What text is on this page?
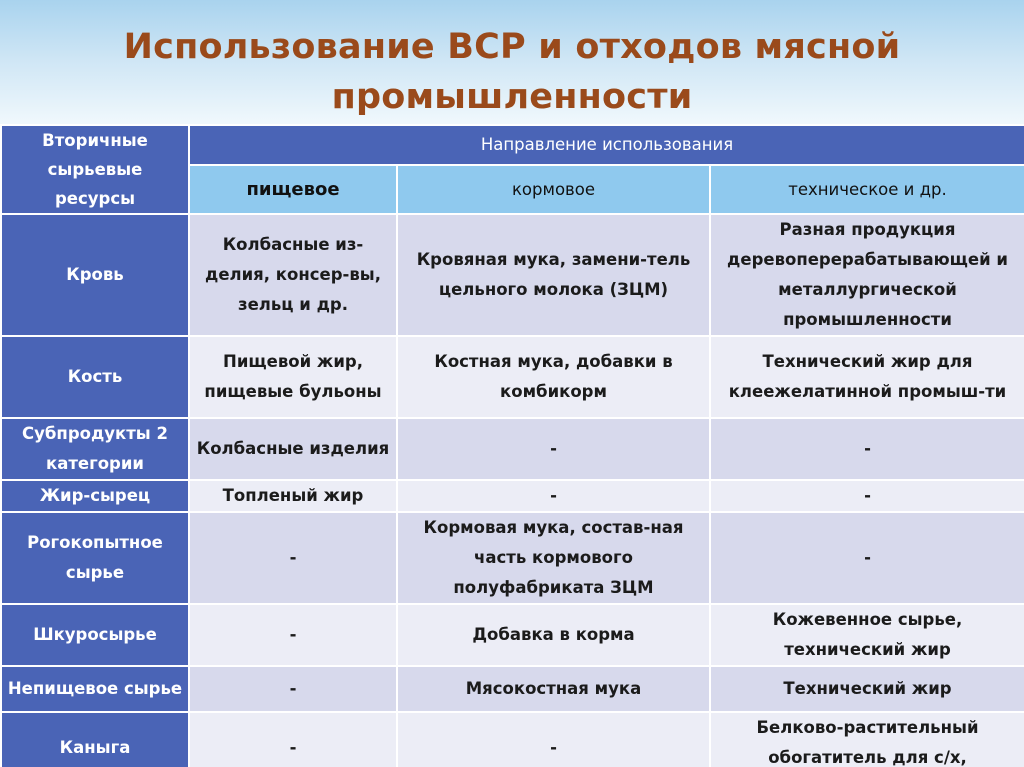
Использование ВСР и отходов мясной
промышленности
Вторичные сырьевые ресурсы	Направление использования		
	пищевое	кормовое	техническое и др.
Кровь	Колбасные из-делия, консер-вы, зельц и др.	Кровяная мука, замени-тель цельного молока (ЗЦМ)	Разная продукция деревоперерабатывающей и металлургической промышленности
Кость	Пищевой жир, пищевые бульоны	Костная мука, добавки в комбикорм	Технический жир для клеежелатинной промыш-ти
Субпродукты 2 категории	Колбасные изделия	-	-
Жир-сырец	Топленый жир	-	-
Рогокопытное сырье	-	Кормовая мука, состав-ная часть кормового полуфабриката ЗЦМ	-
Шкуросырье	-	Добавка в корма	Кожевенное сырье, технический жир
Непищевое сырье	-	Мясокостная мука	Технический жир
Каныга	-	-	Белково-растительный обогатитель для с/х,
